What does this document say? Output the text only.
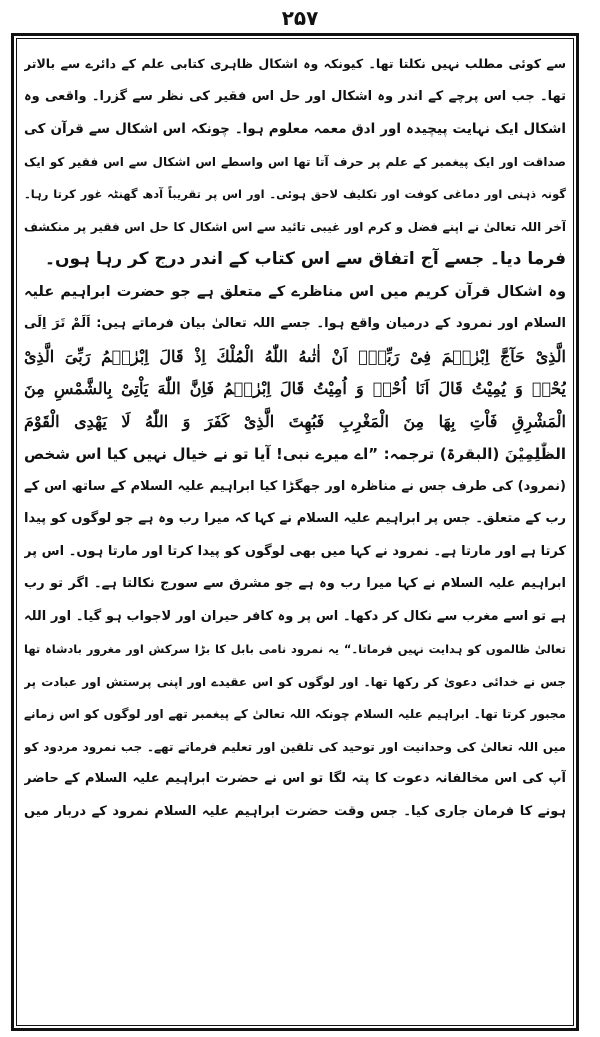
۲۵۷
سے کوئی مطلب نہیں نکلتا تھا۔ کیونکہ وہ اشکال ظاہری کتابی علم کے دائرے سے بالاتر
تھا۔ جب اس پرچے کے اندر وہ اشکال اور حل اس فقیر کی نظر سے گزرا۔ واقعی وہ
اشکال ایک نہایت پیچیدہ اور ادق معمہ معلوم ہوا۔ چونکہ اس اشکال سے قرآن کی
صداقت اور ایک پیغمبر کے علم پر حرف آتا تھا اس واسطے اس اشکال سے اس فقیر کو ایک
گونہ ذہنی اور دماغی کوفت اور تکلیف لاحق ہوئی۔ اور اس پر تقریباً آدھ گھنٹہ غور کرتا رہا۔
آخر اللہ تعالیٰ نے اپنے فضل و کرم اور غیبی تائید سے اس اشکال کا حل اس فقیر پر منکشف
فرما دیا۔ جسے آج اتفاق سے اس کتاب کے اندر درج کر رہا ہوں۔
وہ اشکال قرآن کریم میں اس مناظرے کے متعلق ہے جو حضرت ابراہیم علیہ
السلام اور نمرود کے درمیان واقع ہوا۔ جسے اللہ تعالیٰ بیان فرماتے ہیں: اَلَمْ تَرَ اِلَى
الَّذِیْ حَآجَّ اِبْرٰهٖمَ فِیْ رَبِّهٖۤ اَنْ اٰتٰىهُ اللّٰهُ الْمُلْكَ اِذْ قَالَ اِبْرٰهٖمُ رَبِّیَ الَّذِیْ
یُحْیٖ وَ یُمِیْتُ قَالَ اَنَا اُحْیٖ وَ اُمِیْتُ قَالَ اِبْرٰهٖمُ فَاِنَّ اللّٰهَ یَاْتِیْ بِالشَّمْسِ مِنَ
الْمَشْرِقِ فَاْتِ بِهَا مِنَ الْمَغْرِبِ فَبُهِتَ الَّذِیْ كَفَرَ وَ اللّٰهُ لَا یَهْدِی الْقَوْمَ
الظّٰلِمِیْنَ (البقرۃ) ترجمہ: ”اے میرے نبی! آیا تو نے خیال نہیں کیا اس شخص
(نمرود) کی طرف جس نے مناظرہ اور جھگڑا کیا ابراہیم علیہ السلام کے ساتھ اس کے
رب کے متعلق۔ جس پر ابراہیم علیہ السلام نے کہا کہ میرا رب وہ ہے جو لوگوں کو پیدا
کرتا ہے اور مارتا ہے۔ نمرود نے کہا میں بھی لوگوں کو پیدا کرتا اور مارتا ہوں۔ اس پر
ابراہیم علیہ السلام نے کہا میرا رب وہ ہے جو مشرق سے سورج نکالتا ہے۔ اگر تو رب
ہے تو اسے مغرب سے نکال کر دکھا۔ اس پر وہ کافر حیران اور لاجواب ہو گیا۔ اور اللہ
تعالیٰ ظالموں کو ہدایت نہیں فرماتا۔“ یہ نمرود نامی بابل کا بڑا سرکش اور مغرور بادشاہ تھا
جس نے خدائی دعویٰ کر رکھا تھا۔ اور لوگوں کو اس عقیدے اور اپنی پرستش اور عبادت پر
مجبور کرتا تھا۔ ابراہیم علیہ السلام چونکہ اللہ تعالیٰ کے پیغمبر تھے اور لوگوں کو اس زمانے
میں اللہ تعالیٰ کی وحدانیت اور توحید کی تلقین اور تعلیم فرماتے تھے۔ جب نمرود مردود کو
آپ کی اس مخالفانہ دعوت کا پتہ لگا تو اس نے حضرت ابراہیم علیہ السلام کے حاضر
ہونے کا فرمان جاری کیا۔ جس وقت حضرت ابراہیم علیہ السلام نمرود کے دربار میں
